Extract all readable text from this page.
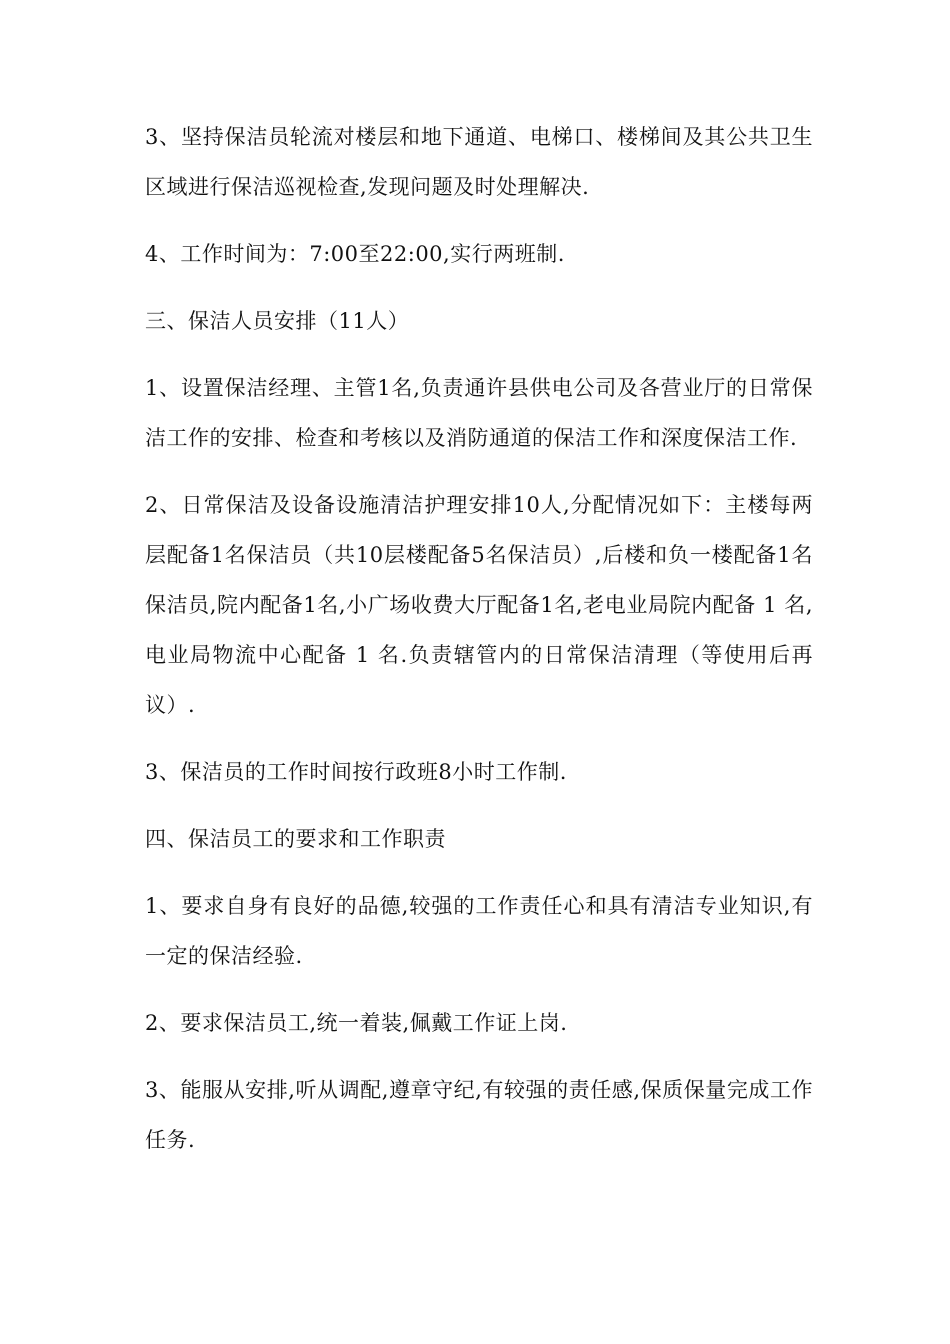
3、坚持保洁员轮流对楼层和地下通道、电梯口、楼梯间及其公共卫生区域进行保洁巡视检查,发现问题及时处理解决.

4、工作时间为：7:00至22:00,实行两班制.

三、保洁人员安排（11人）

1、设置保洁经理、主管1名,负责通许县供电公司及各营业厅的日常保洁工作的安排、检查和考核以及消防通道的保洁工作和深度保洁工作.

2、日常保洁及设备设施清洁护理安排10人,分配情况如下：主楼每两层配备1名保洁员（共10层楼配备5名保洁员）,后楼和负一楼配备1名保洁员,院内配备1名,小广场收费大厅配备1名,老电业局院内配备 1 名,电业局物流中心配备 1 名.负责辖管内的日常保洁清理（等使用后再议）.

3、保洁员的工作时间按行政班8小时工作制.

四、保洁员工的要求和工作职责

1、要求自身有良好的品德,较强的工作责任心和具有清洁专业知识,有一定的保洁经验.

2、要求保洁员工,统一着装,佩戴工作证上岗.

3、能服从安排,听从调配,遵章守纪,有较强的责任感,保质保量完成工作任务.
